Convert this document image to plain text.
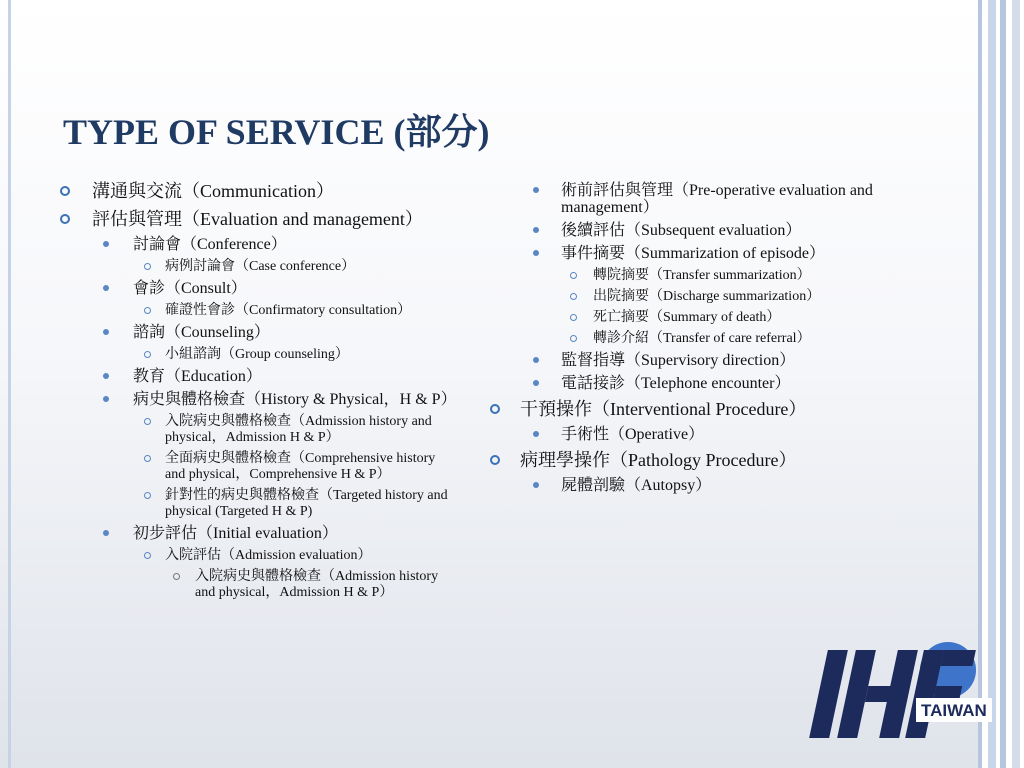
TYPE OF SERVICE (部分)
溝通與交流（Communication）
評估與管理（Evaluation and management）
討論會（Conference）
病例討論會（Case conference）
會診（Consult）
確證性會診（Confirmatory consultation）
諮詢（Counseling）
小組諮詢（Group counseling）
教育（Education）
病史與體格檢查（History & Physical，H & P）
入院病史與體格檢查（Admission history and physical，Admission H & P）
全面病史與體格檢查（Comprehensive history and physical，Comprehensive H & P）
針對性的病史與體格檢查（Targeted history and physical (Targeted H & P)
初步評估（Initial evaluation）
入院評估（Admission evaluation）
入院病史與體格檢查（Admission history and physical，Admission H & P）
術前評估與管理（Pre-operative evaluation and management）
後續評估（Subsequent evaluation）
事件摘要（Summarization of episode）
轉院摘要（Transfer summarization）
出院摘要（Discharge summarization）
死亡摘要（Summary of death）
轉診介紹（Transfer of care referral）
監督指導（Supervisory direction）
電話接診（Telephone encounter）
干預操作（Interventional Procedure）
手術性（Operative）
病理學操作（Pathology Procedure）
屍體剖驗（Autopsy）
TAIWAN
IHE
